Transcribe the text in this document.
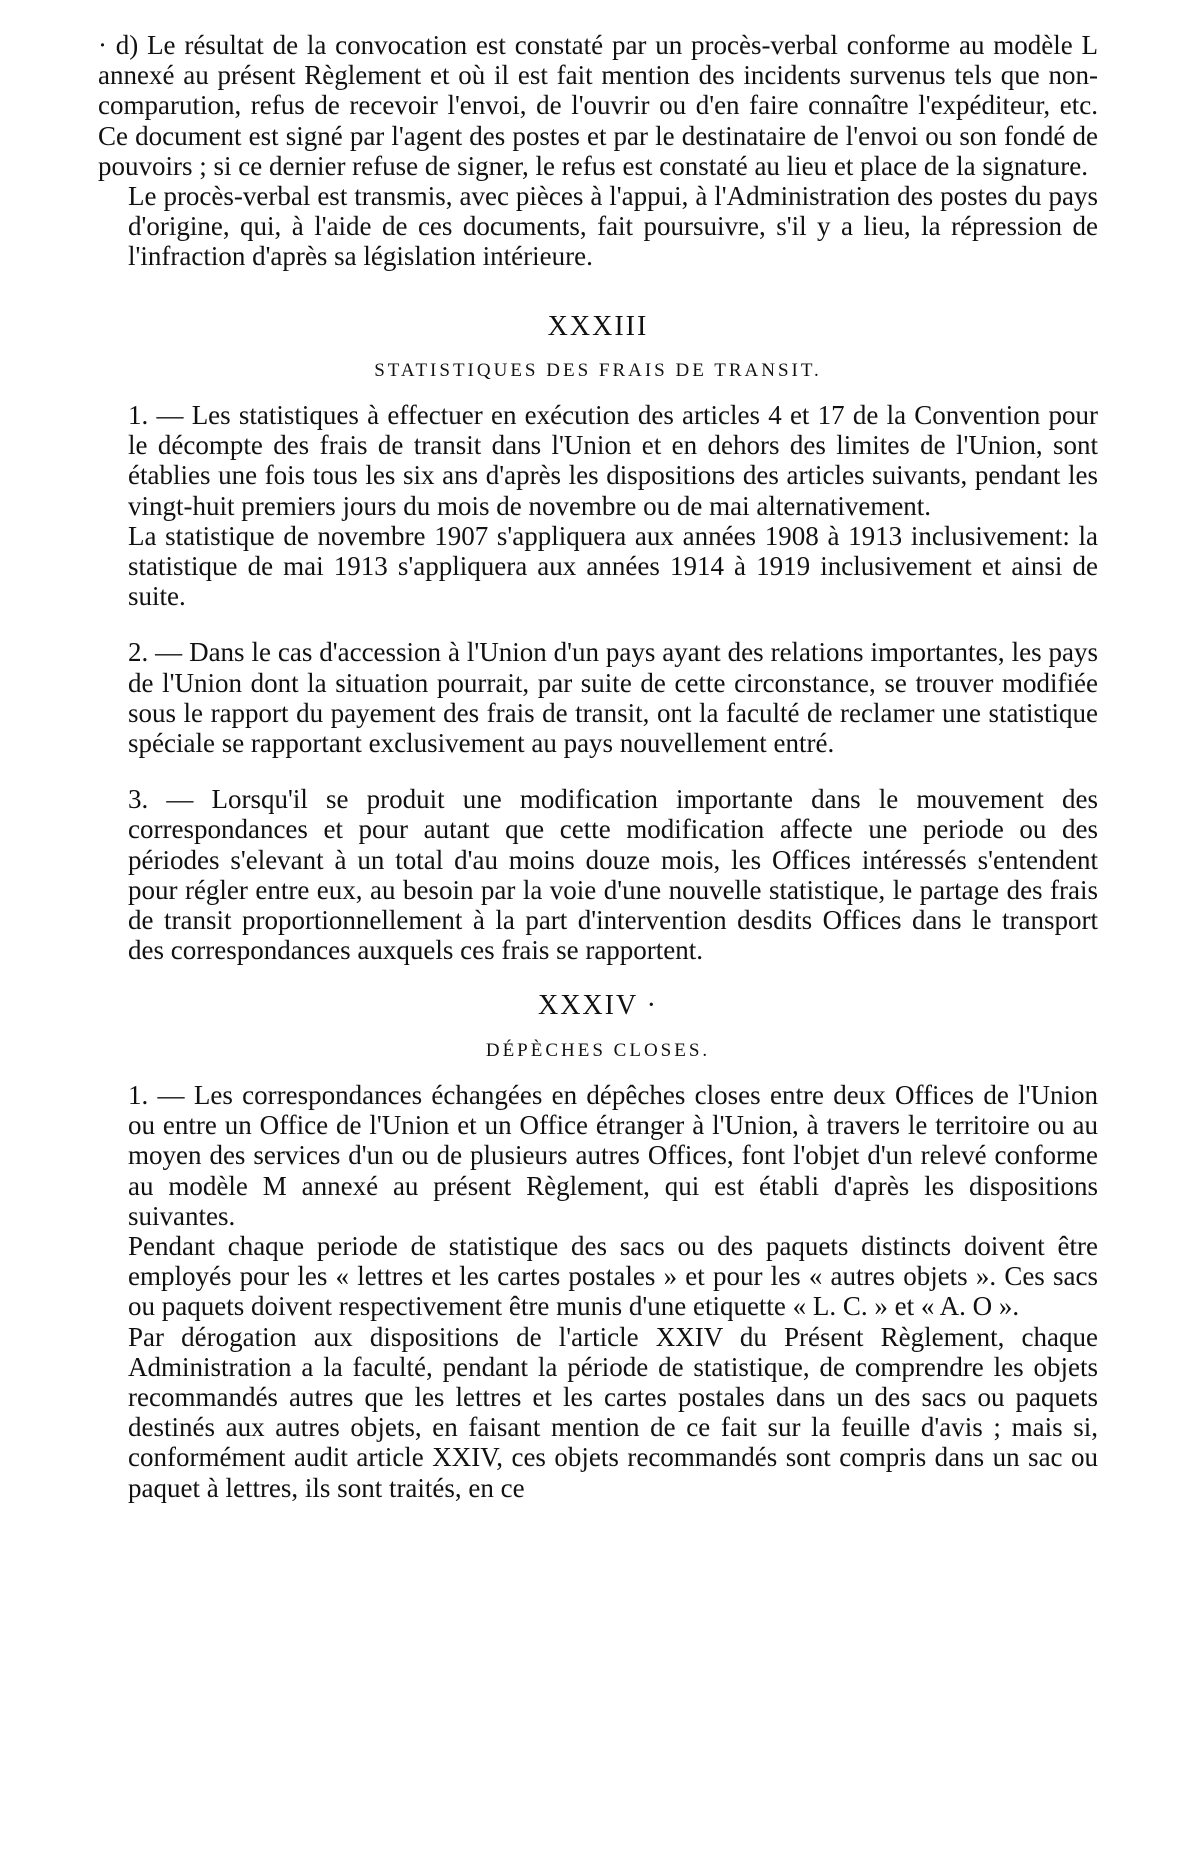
· d) Le résultat de la convocation est constaté par un procès-verbal conforme au modèle L annexé au présent Règlement et où il est fait mention des incidents survenus tels que non-comparution, refus de recevoir l'envoi, de l'ouvrir ou d'en faire connaître l'expéditeur, etc. Ce document est signé par l'agent des postes et par le destinataire de l'envoi ou son fondé de pouvoirs ; si ce dernier refuse de signer, le refus est constaté au lieu et place de la signature.

Le procès-verbal est transmis, avec pièces à l'appui, à l'Administration des postes du pays d'origine, qui, à l'aide de ces documents, fait poursuivre, s'il y a lieu, la répression de l'infraction d'après sa législation intérieure.

XXXIII

STATISTIQUES DES FRAIS DE TRANSIT.

1. — Les statistiques à effectuer en exécution des articles 4 et 17 de la Convention pour le décompte des frais de transit dans l'Union et en dehors des limites de l'Union, sont établies une fois tous les six ans d'après les dispositions des articles suivants, pendant les vingt-huit premiers jours du mois de novembre ou de mai alternativement.

La statistique de novembre 1907 s'appliquera aux années 1908 à 1913 inclusivement: la statistique de mai 1913 s'appliquera aux années 1914 à 1919 inclusivement et ainsi de suite.

2. — Dans le cas d'accession à l'Union d'un pays ayant des relations importantes, les pays de l'Union dont la situation pourrait, par suite de cette circonstance, se trouver modifiée sous le rapport du payement des frais de transit, ont la faculté de reclamer une statistique spéciale se rapportant exclusivement au pays nouvellement entré.

3. — Lorsqu'il se produit une modification importante dans le mouvement des correspondances et pour autant que cette modification affecte une periode ou des périodes s'elevant à un total d'au moins douze mois, les Offices intéressés s'entendent pour régler entre eux, au besoin par la voie d'une nouvelle statistique, le partage des frais de transit proportionnellement à la part d'intervention desdits Offices dans le transport des correspondances auxquels ces frais se rapportent.

XXXIV ·

DÉPÈCHES CLOSES.

1. — Les correspondances échangées en dépêches closes entre deux Offices de l'Union ou entre un Office de l'Union et un Office étranger à l'Union, à travers le territoire ou au moyen des services d'un ou de plusieurs autres Offices, font l'objet d'un relevé conforme au modèle M annexé au présent Règlement, qui est établi d'après les dispositions suivantes.

Pendant chaque periode de statistique des sacs ou des paquets distincts doivent être employés pour les « lettres et les cartes postales » et pour les « autres objets ». Ces sacs ou paquets doivent respectivement être munis d'une etiquette « L. C. » et « A. O ».

Par dérogation aux dispositions de l'article XXIV du Présent Règlement, chaque Administration a la faculté, pendant la période de statistique, de comprendre les objets recommandés autres que les lettres et les cartes postales dans un des sacs ou paquets destinés aux autres objets, en faisant mention de ce fait sur la feuille d'avis ; mais si, conformément audit article XXIV, ces objets recommandés sont compris dans un sac ou paquet à lettres, ils sont traités, en ce
